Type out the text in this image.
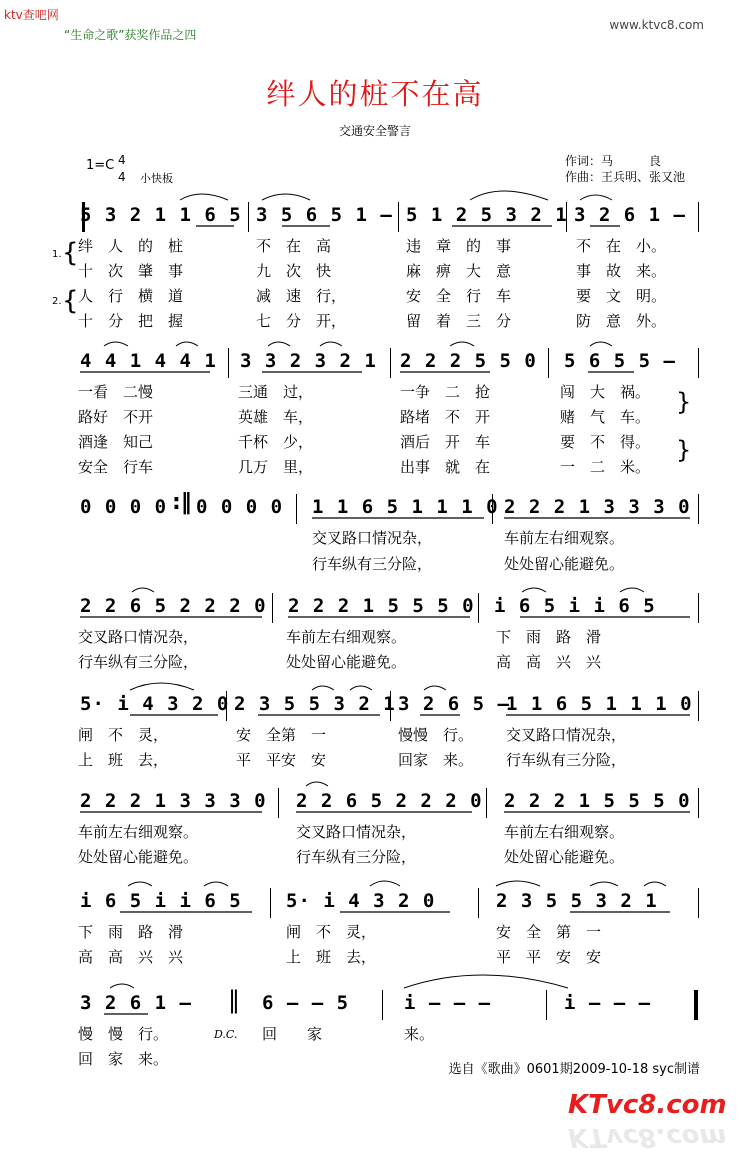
ktv查吧网
“生命之歌”获奖作品之四
www.ktvc8.com
绊人的桩不在高
交通安全警言
1=C 4
4 小快板
作词：马　　　良
作曲：王兵明、张又池
1.
2.
{
{
}
}
5 3 2 1 1 6 5 3 5 6 5 1 – 5 1 2 5 3 2 1 3 2 6 1 –
绊　人　的　桩	不　在　高	违　章　的　事	不　在　小。
十　次　肇　事	九　次　快	麻　痹　大　意	事　故　来。
人　行　横　道	减　速　行，	安　全　行　车	要　文　明。
十　分　把　握	七　分　开，	留　着　三　分	防　意　外。
4 4 1 4 4 1 3 3 2 3 2 1 2 2 2 5 5 0 5 6 5 5 –
一看　二慢	三通　过，	一争　二　抢	闯　大　祸。
路好　不开	英雄　车，	路堵　不　开	赌　气　车。
酒逢　知己	千杯　少，	酒后　开　车	要　不　得。
安全　行车	几万　里，	出事　就　在	一　二　米。
0 0 0 0 0 0 0 0 1 1 6 5 1 1 1 0 2 2 2 1 3 3 3 0
:‖
交叉路口情况杂，	车前左右细观察。
行车纵有三分险，	处处留心能避免。
2 2 6 5 2 2 2 0 2 2 2 1 5 5 5 0 i 6 5 i i 6 5
交叉路口情况杂，	车前左右细观察。	下　雨　路　滑
行车纵有三分险，	处处留心能避免。	高　高　兴　兴
5· i 4 3 2 0 2 3 5 5 3 2 1 3 2 6 5 –
1 1 6 5 1 1 1 0
闸　不　灵，	安　全第　一	慢慢　行。 交叉路口情况杂，
上　班　去，	平　平安　安	回家　来。 行车纵有三分险，
2 2 2 1 3 3 3 0 2 2 6 5 2 2 2 0 2 2 2 1 5 5 5 0
车前左右细观察。	交叉路口情况杂，	车前左右细观察。
处处留心能避免。	行车纵有三分险，	处处留心能避免。
i 6 5 i i 6 5 5· i 4 3 2 0	2 3 5 5 3 2 1
下　雨　路　滑	闸　不　灵，	安　全　第　一
高　高　兴　兴	上　班　去，	平　平　安　安
3 2 6 1 –	6 – – 5	i – – –	i – – –
‖
慢　慢　行。	D.C. 回　　家	来。
回　家　来。
选自《歌曲》0601期2009-10-18 syc制谱
KTvc8.com
KTvc8.com
